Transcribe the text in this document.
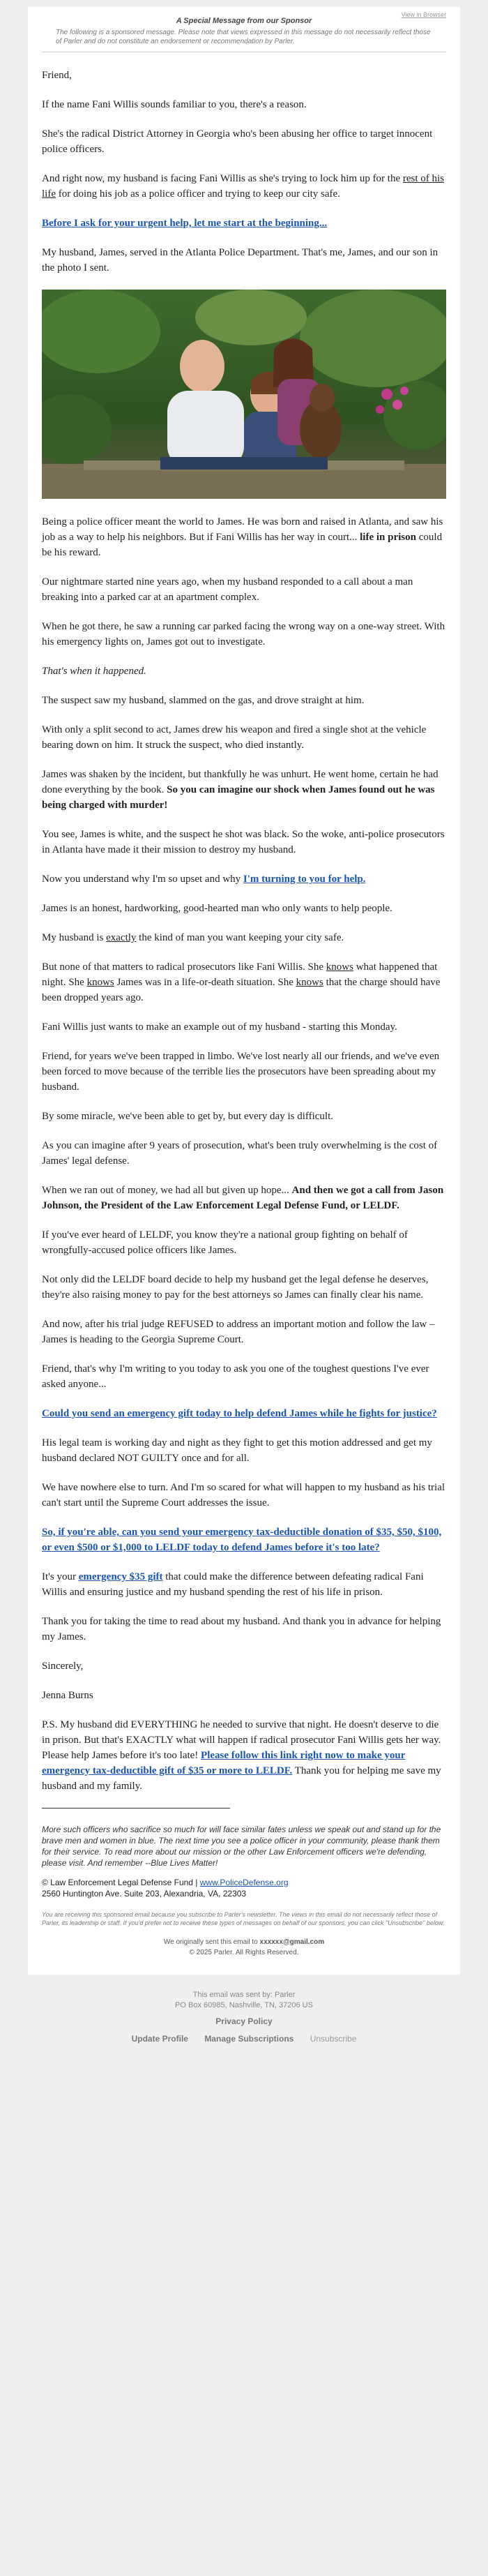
View in Browser
A Special Message from our Sponsor
The following is a sponsored message. Please note that views expressed in this message do not necessarily reflect those of Parler and do not constitute an endorsement or recommendation by Parler.

Friend,

If the name Fani Willis sounds familiar to you, there's a reason.

She's the radical District Attorney in Georgia who's been abusing her office to target innocent police officers.

And right now, my husband is facing Fani Willis as she's trying to lock him up for the rest of his life for doing his job as a police officer and trying to keep our city safe.

Before I ask for your urgent help, let me start at the beginning...

My husband, James, served in the Atlanta Police Department. That's me, James, and our son in the photo I sent.

Being a police officer meant the world to James. He was born and raised in Atlanta, and saw his job as a way to help his neighbors. But if Fani Willis has her way in court... life in prison could be his reward.

Our nightmare started nine years ago, when my husband responded to a call about a man breaking into a parked car at an apartment complex.

When he got there, he saw a running car parked facing the wrong way on a one-way street. With his emergency lights on, James got out to investigate.

That's when it happened.

The suspect saw my husband, slammed on the gas, and drove straight at him.

With only a split second to act, James drew his weapon and fired a single shot at the vehicle bearing down on him. It struck the suspect, who died instantly.

James was shaken by the incident, but thankfully he was unhurt. He went home, certain he had done everything by the book. So you can imagine our shock when James found out he was being charged with murder!

You see, James is white, and the suspect he shot was black. So the woke, anti-police prosecutors in Atlanta have made it their mission to destroy my husband.

Now you understand why I'm so upset and why I'm turning to you for help.

James is an honest, hardworking, good-hearted man who only wants to help people.

My husband is exactly the kind of man you want keeping your city safe.

But none of that matters to radical prosecutors like Fani Willis. She knows what happened that night. She knows James was in a life-or-death situation. She knows that the charge should have been dropped years ago.

Fani Willis just wants to make an example out of my husband - starting this Monday.

Friend, for years we've been trapped in limbo. We've lost nearly all our friends, and we've even been forced to move because of the terrible lies the prosecutors have been spreading about my husband.

By some miracle, we've been able to get by, but every day is difficult.

As you can imagine after 9 years of prosecution, what's been truly overwhelming is the cost of James' legal defense.

When we ran out of money, we had all but given up hope... And then we got a call from Jason Johnson, the President of the Law Enforcement Legal Defense Fund, or LELDF.

If you've ever heard of LELDF, you know they're a national group fighting on behalf of wrongfully-accused police officers like James.

Not only did the LELDF board decide to help my husband get the legal defense he deserves, they're also raising money to pay for the best attorneys so James can finally clear his name.

And now, after his trial judge REFUSED to address an important motion and follow the law – James is heading to the Georgia Supreme Court.

Friend, that's why I'm writing to you today to ask you one of the toughest questions I've ever asked anyone...

Could you send an emergency gift today to help defend James while he fights for justice?

His legal team is working day and night as they fight to get this motion addressed and get my husband declared NOT GUILTY once and for all.

We have nowhere else to turn. And I'm so scared for what will happen to my husband as his trial can't start until the Supreme Court addresses the issue.

So, if you're able, can you send your emergency tax-deductible donation of $35, $50, $100, or even $500 or $1,000 to LELDF today to defend James before it's too late?

It's your emergency $35 gift that could make the difference between defeating radical Fani Willis and ensuring justice and my husband spending the rest of his life in prison.

Thank you for taking the time to read about my husband. And thank you in advance for helping my James.

Sincerely,

Jenna Burns

P.S. My husband did EVERYTHING he needed to survive that night. He doesn't deserve to die in prison. But that's EXACTLY what will happen if radical prosecutor Fani Willis gets her way. Please help James before it's too late! Please follow this link right now to make your emergency tax-deductible gift of $35 or more to LELDF. Thank you for helping me save my husband and my family.

More such officers who sacrifice so much for will face similar fates unless we speak out and stand up for the brave men and women in blue. The next time you see a police officer in your community, please thank them for their service. To read more about our mission or the other Law Enforcement officers we're defending, please visit. And remember --Blue Lives Matter!
© Law Enforcement Legal Defense Fund | www.PoliceDefense.org
2560 Huntington Ave. Suite 203, Alexandria, VA, 22303
You are receiving this sponsored email because you subscribe to Parler's newsletter. The views in this email do not necessarily reflect those of Parler, its leadership or staff. If you'd prefer not to receive these types of messages on behalf of our sponsors, you can click "Unsubscribe" below.
We originally sent this email to xxxxxx@gmail.com
© 2025 Parler. All Rights Reserved.
This email was sent by: Parler
PO Box 60985, Nashville, TN, 37206 US
Privacy Policy
Update Profile Manage Subscriptions Unsubscribe
